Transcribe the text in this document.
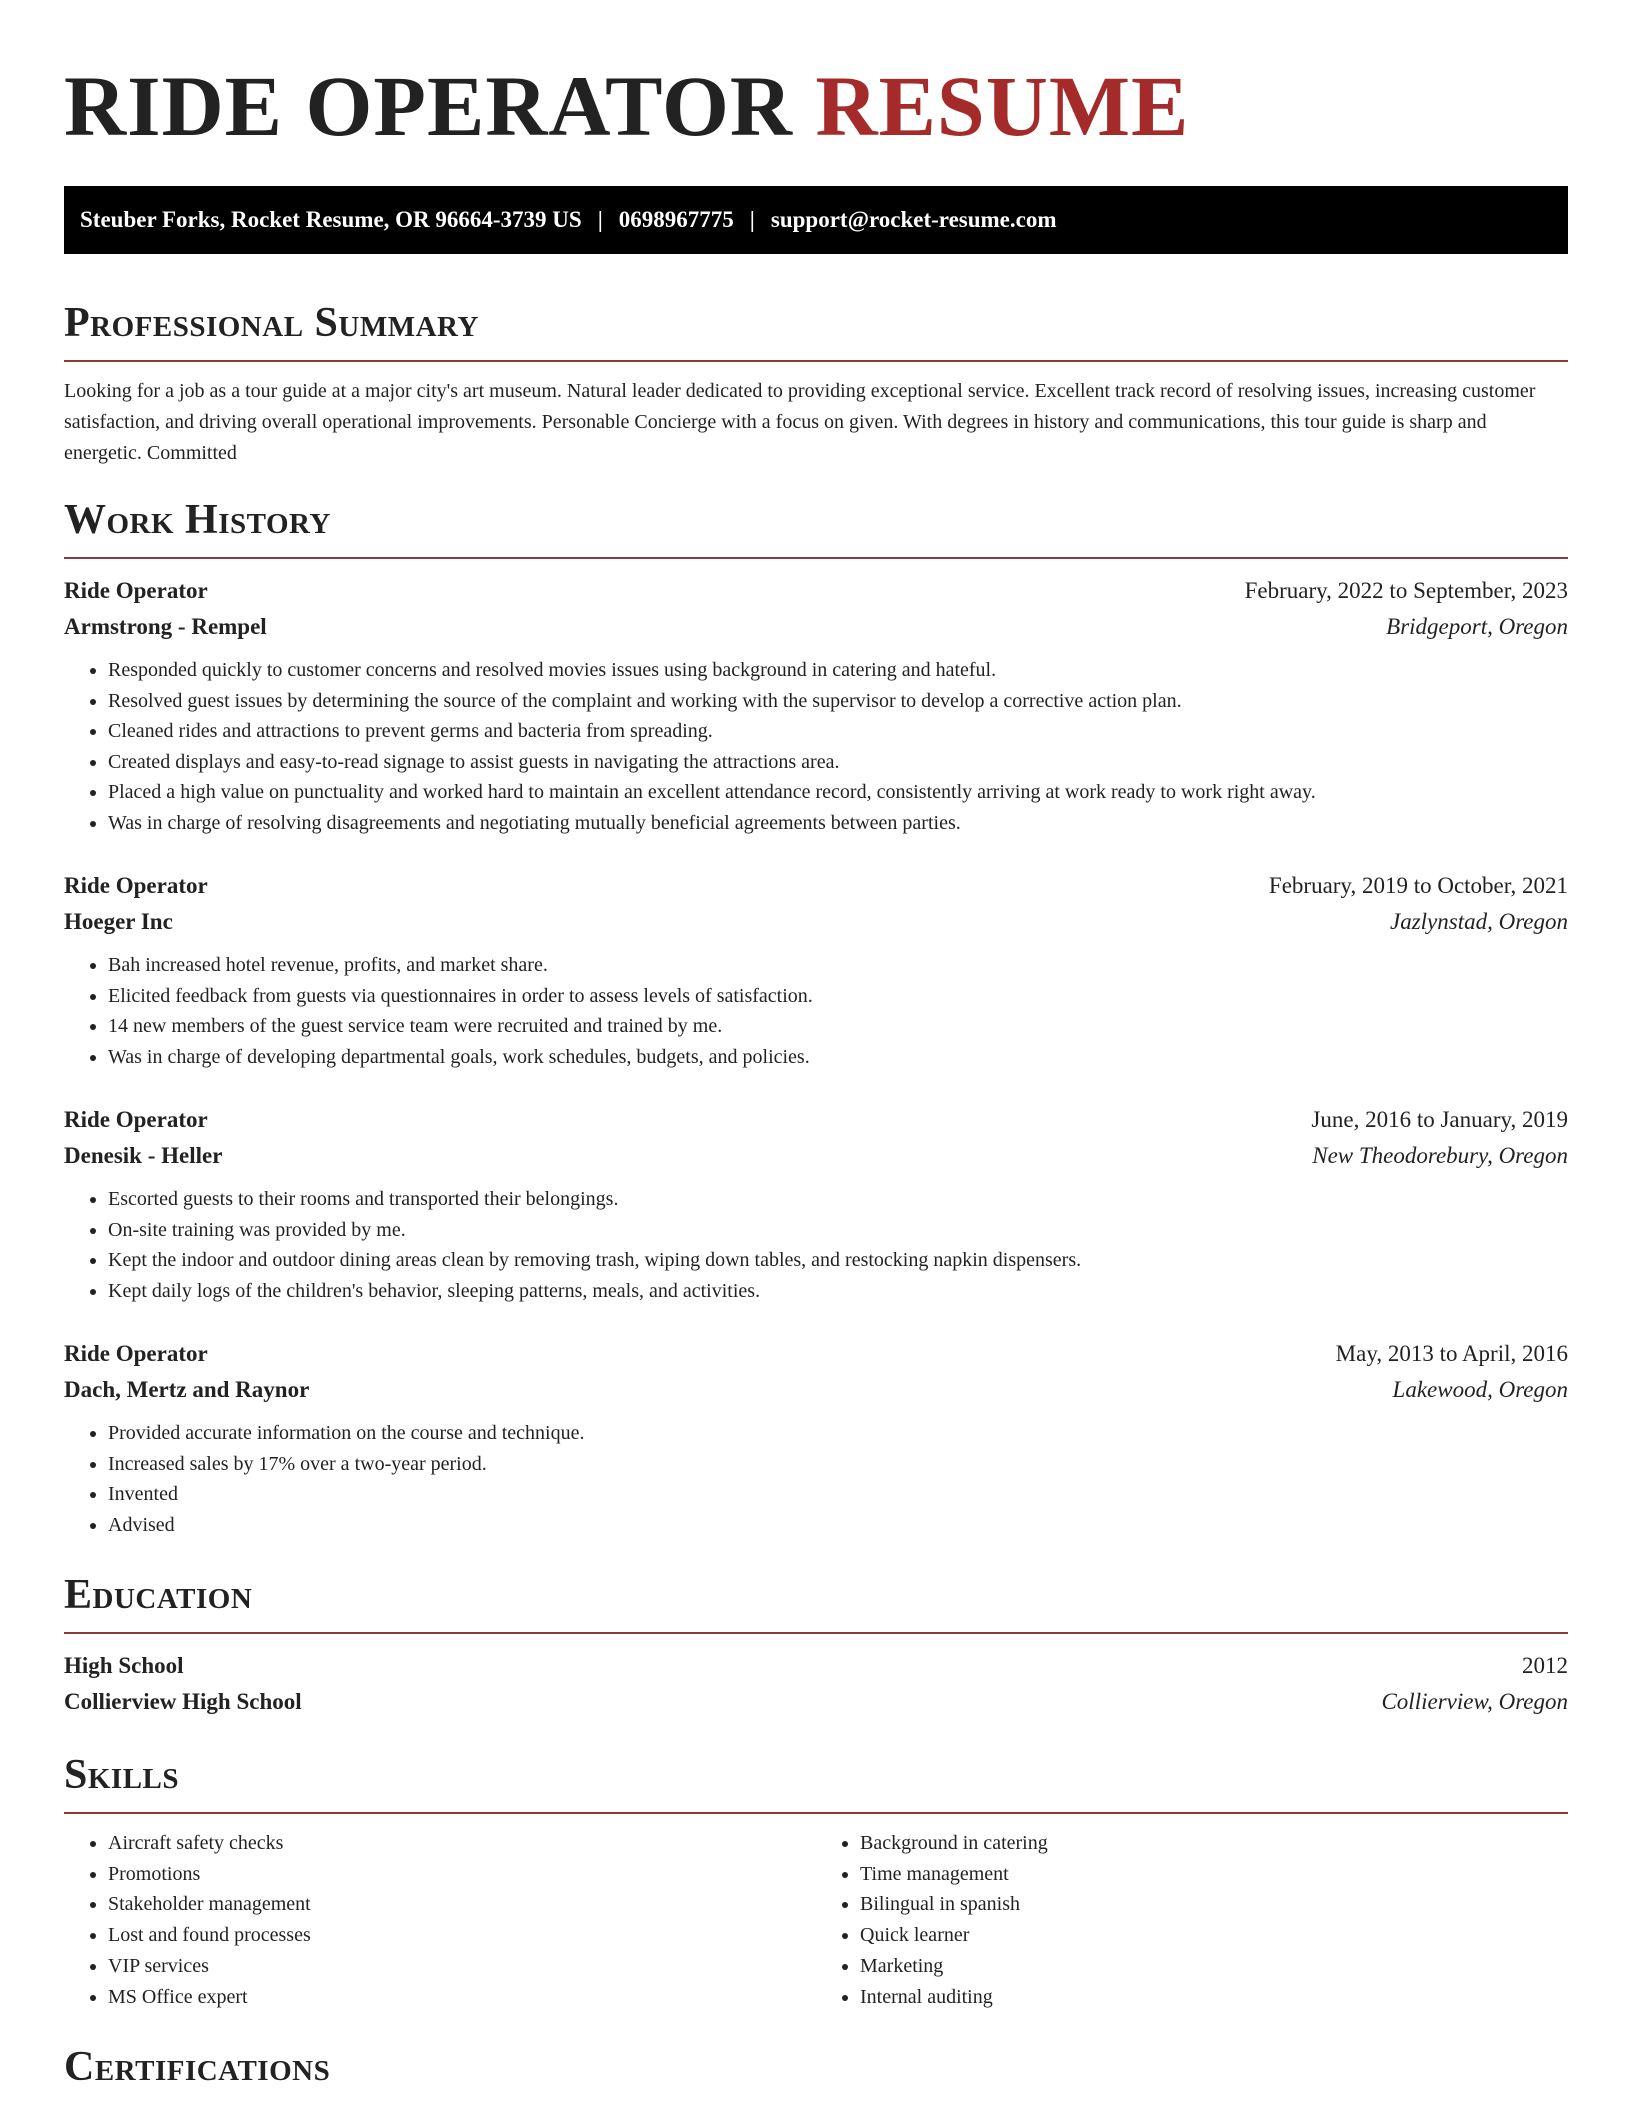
RIDE OPERATOR RESUME
Steuber Forks, Rocket Resume, OR 96664-3739 US | 0698967775 | support@rocket-resume.com
Professional Summary

Looking for a job as a tour guide at a major city's art museum. Natural leader dedicated to providing exceptional service. Excellent track record of resolving issues, increasing customer satisfaction, and driving overall operational improvements. Personable Concierge with a focus on given. With degrees in history and communications, this tour guide is sharp and energetic. Committed

Work History
Ride Operator	February, 2022 to September, 2023
Armstrong - Rempel	Bridgeport, Oregon
• Responded quickly to customer concerns and resolved movies issues using background in catering and hateful.
• Resolved guest issues by determining the source of the complaint and working with the supervisor to develop a corrective action plan.
• Cleaned rides and attractions to prevent germs and bacteria from spreading.
• Created displays and easy-to-read signage to assist guests in navigating the attractions area.
• Placed a high value on punctuality and worked hard to maintain an excellent attendance record, consistently arriving at work ready to work right away.
• Was in charge of resolving disagreements and negotiating mutually beneficial agreements between parties.
Ride Operator	February, 2019 to October, 2021
Hoeger Inc	Jazlynstad, Oregon
• Bah increased hotel revenue, profits, and market share.
• Elicited feedback from guests via questionnaires in order to assess levels of satisfaction.
• 14 new members of the guest service team were recruited and trained by me.
• Was in charge of developing departmental goals, work schedules, budgets, and policies.
Ride Operator	June, 2016 to January, 2019
Denesik - Heller	New Theodorebury, Oregon
• Escorted guests to their rooms and transported their belongings.
• On-site training was provided by me.
• Kept the indoor and outdoor dining areas clean by removing trash, wiping down tables, and restocking napkin dispensers.
• Kept daily logs of the children's behavior, sleeping patterns, meals, and activities.
Ride Operator	May, 2013 to April, 2016
Dach, Mertz and Raynor	Lakewood, Oregon
• Provided accurate information on the course and technique.
• Increased sales by 17% over a two-year period.
• Invented
• Advised
Education
High School	2012
Collierview High School	Collierview, Oregon
Skills
• Aircraft safety checks
• Promotions
• Stakeholder management
• Lost and found processes
• VIP services
• MS Office expert
• Background in catering
• Time management
• Bilingual in spanish
• Quick learner
• Marketing
• Internal auditing
Certifications
